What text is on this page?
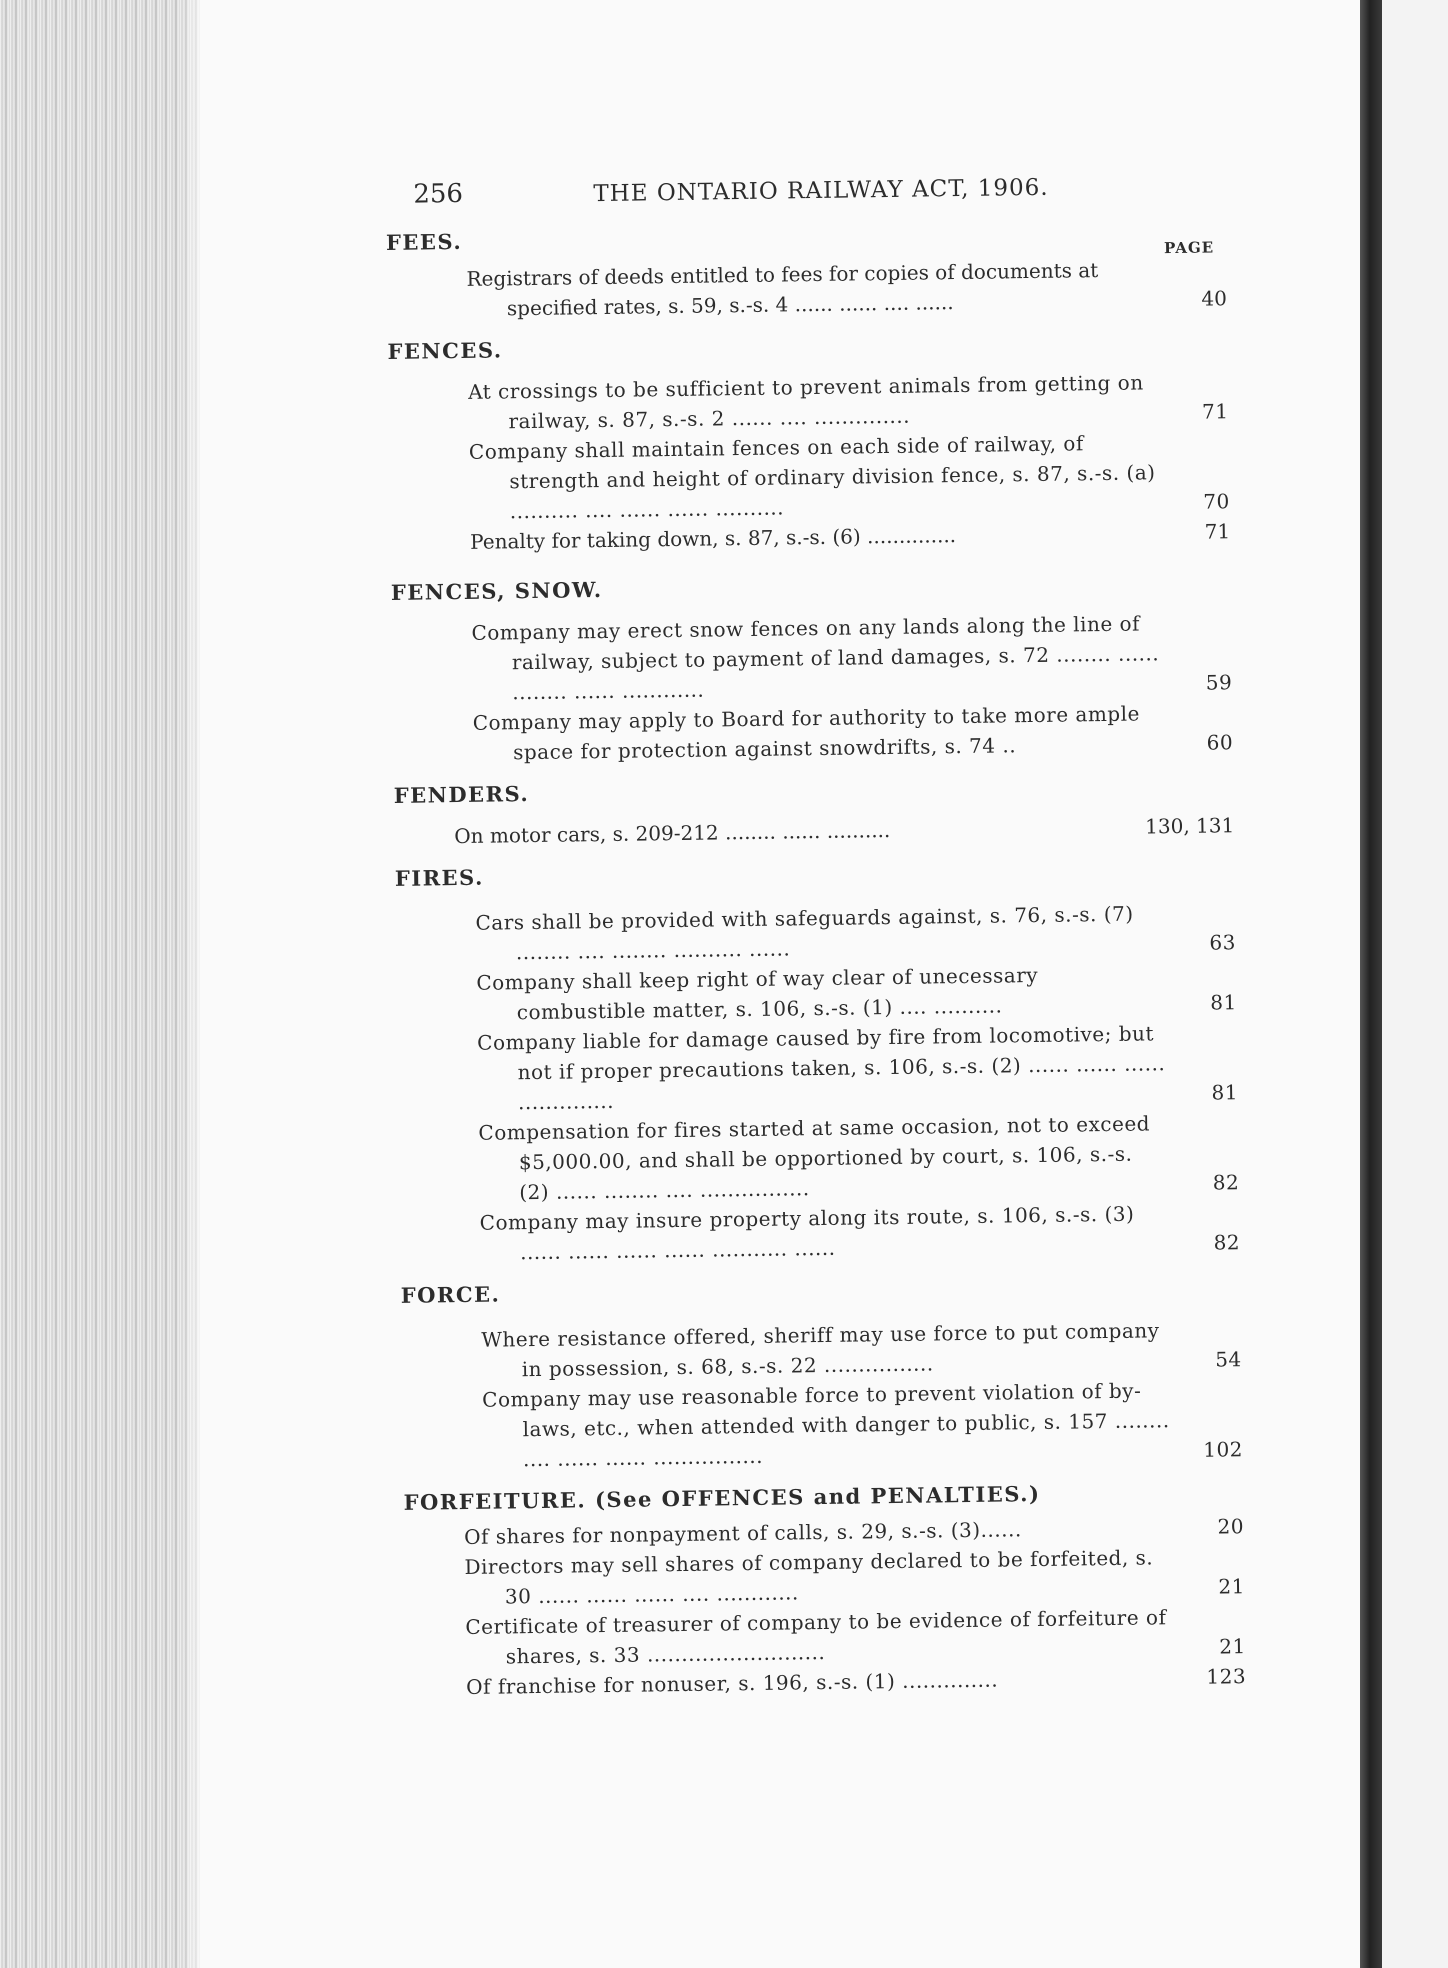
256	THE ONTARIO RAILWAY ACT, 1906.
FEES.	PAGE
Registrars of deeds entitled to fees for copies of documents at specified rates, s. 59, s.-s. 4 ...... ...... .... ......	40
FENCES.
At crossings to be sufficient to prevent animals from getting on railway, s. 87, s.-s. 2 ...... .... ..............	71
Company shall maintain fences on each side of railway, of strength and height of ordinary division fence, s. 87, s.-s. (a) .......... .... ...... ...... ..........	70
Penalty for taking down, s. 87, s.-s. (6) ..............	71
FENCES, SNOW.
Company may erect snow fences on any lands along the line of railway, subject to payment of land damages, s. 72 ........ ...... ........ ...... ............	59
Company may apply to Board for authority to take more ample space for protection against snowdrifts, s. 74 ..	60
FENDERS.
On motor cars, s. 209-212 ........ ...... ..........	130, 131
FIRES.
Cars shall be provided with safeguards against, s. 76, s.-s. (7) ........ .... ........ .......... ......	63
Company shall keep right of way clear of unecessary combustible matter, s. 106, s.-s. (1) .... ..........	81
Company liable for damage caused by fire from locomotive; but not if proper precautions taken, s. 106, s.-s. (2) ...... ...... ...... ..............	81
Compensation for fires started at same occasion, not to exceed $5,000.00, and shall be opportioned by court, s. 106, s.-s. (2) ...... ........ .... ................	82
Company may insure property along its route, s. 106, s.-s. (3) ...... ...... ...... ...... ........... ......	82
FORCE.
Where resistance offered, sheriff may use force to put company in possession, s. 68, s.-s. 22 ................	54
Company may use reasonable force to prevent violation of by-laws, etc., when attended with danger to public, s. 157 ........ .... ...... ...... ................	102
FORFEITURE. (See OFFENCES and PENALTIES.)
Of shares for nonpayment of calls, s. 29, s.-s. (3)......	20
Directors may sell shares of company declared to be forfeited, s. 30 ...... ...... ...... .... ............	21
Certificate of treasurer of company to be evidence of forfeiture of shares, s. 33 ..........................	21
Of franchise for nonuser, s. 196, s.-s. (1) ..............	123
